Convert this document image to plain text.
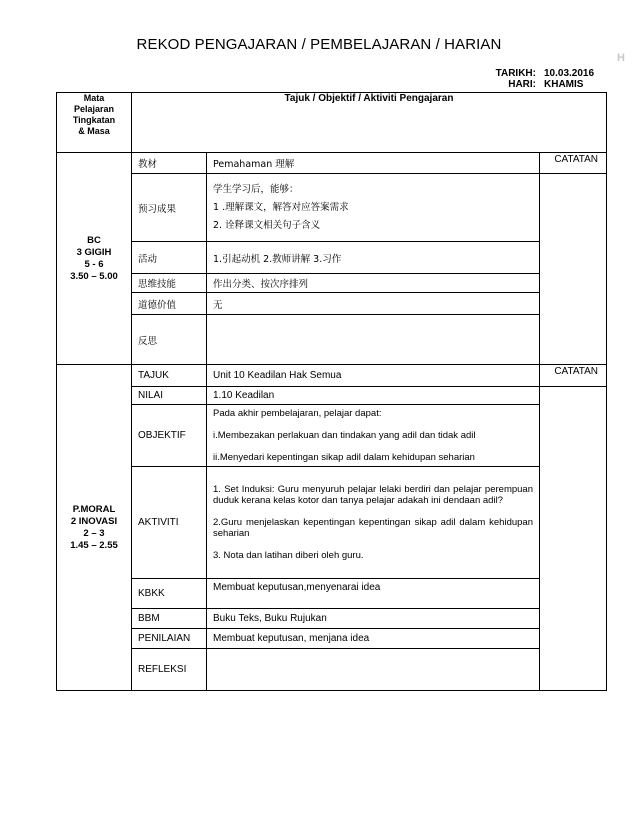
REKOD PENGAJARAN / PEMBELAJARAN / HARIAN
H
TARIKH: 10.03.2016
HARI: KHAMIS
Mata
Pelajaran
Tingkatan
& Masa	Tajuk / Objektif / Aktiviti Pengajaran		

BC
3 GIGIH
5 - 6
3.50 – 5.00	教材	Pemahaman 理解	CATATAN
	预习成果	学生学习后，能够：
1 .理解课文，解答对应答案需求
2. 诠释课文相关句子含义	

	活动	1.引起动机 2.教师讲解 3.习作	
	思维技能	作出分类、按次序排列	
	道德价值	无	
	反思		

P.MORAL
2 INOVASI
2 – 3
1.45 – 2.55	TAJUK	Unit 10 Keadilan Hak Semua	CATATAN
	NILAI	1.10 Keadilan	
	OBJEKTIF	Pada akhir pembelajaran, pelajar dapat:
i.Membezakan perlakuan dan tindakan yang adil dan tidak adil
ii.Menyedari kepentingan sikap adil dalam kehidupan seharian	

	AKTIVITI	1. Set Induksi: Guru menyuruh pelajar lelaki berdiri dan pelajar perempuan duduk kerana kelas kotor dan tanya pelajar adakah ini dendaan adil?
2.Guru menjelaskan kepentingan kepentingan sikap adil dalam kehidupan seharian
3. Nota dan latihan diberi oleh guru.	

	KBKK	Membuat keputusan,menyenarai idea	
	BBM	Buku Teks, Buku Rujukan	
	PENILAIAN	Membuat keputusan, menjana idea	
	REFLEKSI		
